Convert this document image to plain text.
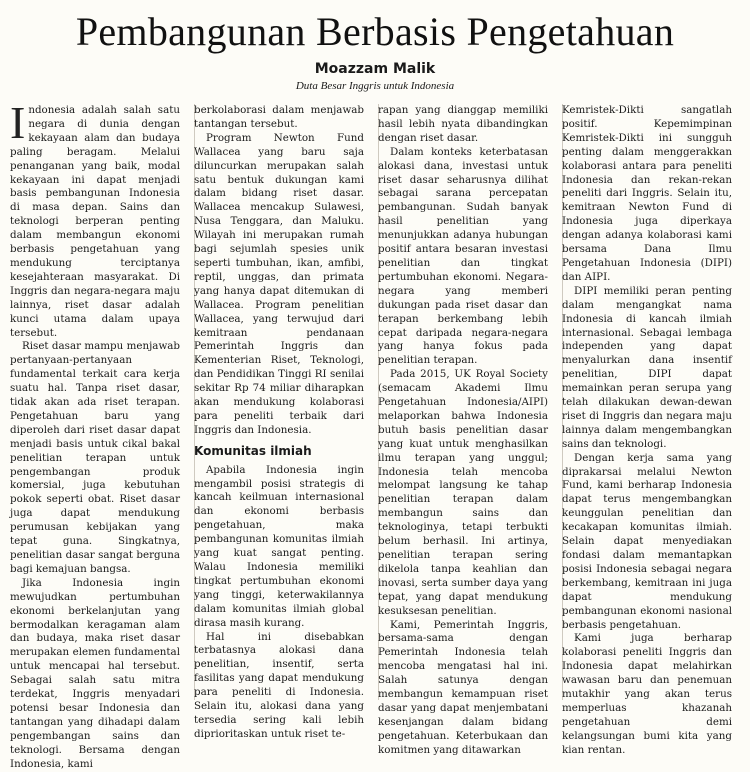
Pembangunan Berbasis Pengetahuan
Moazzam Malik
Duta Besar Inggris untuk Indonesia

Indonesia adalah salah satu negara di dunia dengan kekayaan alam dan budaya paling beragam. Melalui penanganan yang baik, modal kekayaan ini dapat menjadi basis pembangunan Indonesia di masa depan. Sains dan teknologi berperan penting dalam membangun ekonomi berbasis pengetahuan yang mendukung terciptanya kesejahteraan masyarakat. Di Inggris dan negara-negara maju lainnya, riset dasar adalah kunci utama dalam upaya tersebut.

Riset dasar mampu menjawab pertanyaan-pertanyaan fundamental terkait cara kerja suatu hal. Tanpa riset dasar, tidak akan ada riset terapan. Pengetahuan baru yang diperoleh dari riset dasar dapat menjadi basis untuk cikal bakal penelitian terapan untuk pengembangan produk komersial, juga kebutuhan pokok seperti obat. Riset dasar juga dapat mendukung perumusan kebijakan yang tepat guna. Singkatnya, penelitian dasar sangat berguna bagi kemajuan bangsa.

Jika Indonesia ingin mewujudkan pertumbuhan ekonomi berkelanjutan yang bermodalkan keragaman alam dan budaya, maka riset dasar merupakan elemen fundamental untuk mencapai hal tersebut. Sebagai salah satu mitra terdekat, Inggris menyadari potensi besar Indonesia dan tantangan yang dihadapi dalam pengembangan sains dan teknologi. Bersama dengan Indonesia, kami

berkolaborasi dalam menjawab tantangan tersebut.

Program Newton Fund Wallacea yang baru saja diluncurkan merupakan salah satu bentuk dukungan kami dalam bidang riset dasar. Wallacea mencakup Sulawesi, Nusa Tenggara, dan Maluku. Wilayah ini merupakan rumah bagi sejumlah spesies unik seperti tumbuhan, ikan, amfibi, reptil, unggas, dan primata yang hanya dapat ditemukan di Wallacea. Program penelitian Wallacea, yang terwujud dari kemitraan pendanaan Pemerintah Inggris dan Kementerian Riset, Teknologi, dan Pendidikan Tinggi RI senilai sekitar Rp 74 miliar diharapkan akan mendukung kolaborasi para peneliti terbaik dari Inggris dan Indonesia.

Komunitas ilmiah

Apabila Indonesia ingin mengambil posisi strategis di kancah keilmuan internasional dan ekonomi berbasis pengetahuan, maka pembangunan komunitas ilmiah yang kuat sangat penting. Walau Indonesia memiliki tingkat pertumbuhan ekonomi yang tinggi, keterwakilannya dalam komunitas ilmiah global dirasa masih kurang.

Hal ini disebabkan terbatasnya alokasi dana penelitian, insentif, serta fasilitas yang dapat mendukung para peneliti di Indonesia. Selain itu, alokasi dana yang tersedia sering kali lebih diprioritaskan untuk riset te-

rapan yang dianggap memiliki hasil lebih nyata dibandingkan dengan riset dasar.

Dalam konteks keterbatasan alokasi dana, investasi untuk riset dasar seharusnya dilihat sebagai sarana percepatan pembangunan. Sudah banyak hasil penelitian yang menunjukkan adanya hubungan positif antara besaran investasi penelitian dan tingkat pertumbuhan ekonomi. Negara-negara yang memberi dukungan pada riset dasar dan terapan berkembang lebih cepat daripada negara-negara yang hanya fokus pada penelitian terapan.

Pada 2015, UK Royal Society (semacam Akademi Ilmu Pengetahuan Indonesia/AIPI) melaporkan bahwa Indonesia butuh basis penelitian dasar yang kuat untuk menghasilkan ilmu terapan yang unggul; Indonesia telah mencoba melompat langsung ke tahap penelitian terapan dalam membangun sains dan teknologinya, tetapi terbukti belum berhasil. Ini artinya, penelitian terapan sering dikelola tanpa keahlian dan inovasi, serta sumber daya yang tepat, yang dapat mendukung kesuksesan penelitian.

Kami, Pemerintah Inggris, bersama-sama dengan Pemerintah Indonesia telah mencoba mengatasi hal ini. Salah satunya dengan membangun kemampuan riset dasar yang dapat menjembatani kesenjangan dalam bidang pengetahuan. Keterbukaan dan komitmen yang ditawarkan

Kemristek-Dikti sangatlah positif. Kepemimpinan Kemristek-Dikti ini sungguh penting dalam menggerakkan kolaborasi antara para peneliti Indonesia dan rekan-rekan peneliti dari Inggris. Selain itu, kemitraan Newton Fund di Indonesia juga diperkaya dengan adanya kolaborasi kami bersama Dana Ilmu Pengetahuan Indonesia (DIPI) dan AIPI.

DIPI memiliki peran penting dalam mengangkat nama Indonesia di kancah ilmiah internasional. Sebagai lembaga independen yang dapat menyalurkan dana insentif penelitian, DIPI dapat memainkan peran serupa yang telah dilakukan dewan-dewan riset di Inggris dan negara maju lainnya dalam mengembangkan sains dan teknologi.

Dengan kerja sama yang diprakarsai melalui Newton Fund, kami berharap Indonesia dapat terus mengembangkan keunggulan penelitian dan kecakapan komunitas ilmiah. Selain dapat menyediakan fondasi dalam memantapkan posisi Indonesia sebagai negara berkembang, kemitraan ini juga dapat mendukung pembangunan ekonomi nasional berbasis pengetahuan.

Kami juga berharap kolaborasi peneliti Inggris dan Indonesia dapat melahirkan wawasan baru dan penemuan mutakhir yang akan terus memperluas khazanah pengetahuan demi kelangsungan bumi kita yang kian rentan.
